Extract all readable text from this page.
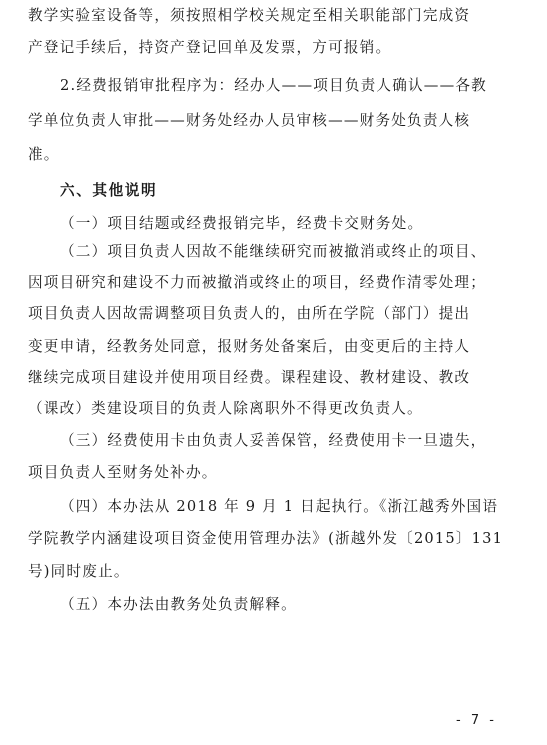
教学实验室设备等，须按照相学校关规定至相关职能部门完成资
产登记手续后，持资产登记回单及发票，方可报销。
2.经费报销审批程序为：经办人——项目负责人确认——各教
学单位负责人审批——财务处经办人员审核——财务处负责人核
准。
六、其他说明
（一）项目结题或经费报销完毕，经费卡交财务处。
（二）项目负责人因故不能继续研究而被撤消或终止的项目、
因项目研究和建设不力而被撤消或终止的项目，经费作清零处理；
项目负责人因故需调整项目负责人的，由所在学院（部门）提出
变更申请，经教务处同意，报财务处备案后，由变更后的主持人
继续完成项目建设并使用项目经费。课程建设、教材建设、教改
（课改）类建设项目的负责人除离职外不得更改负责人。
（三）经费使用卡由负责人妥善保管，经费使用卡一旦遗失，
项目负责人至财务处补办。
（四）本办法从 2018 年 9 月 1 日起执行。《浙江越秀外国语
学院教学内涵建设项目资金使用管理办法》(浙越外发〔2015〕131
号)同时废止。
（五）本办法由教务处负责解释。
- 7 -
